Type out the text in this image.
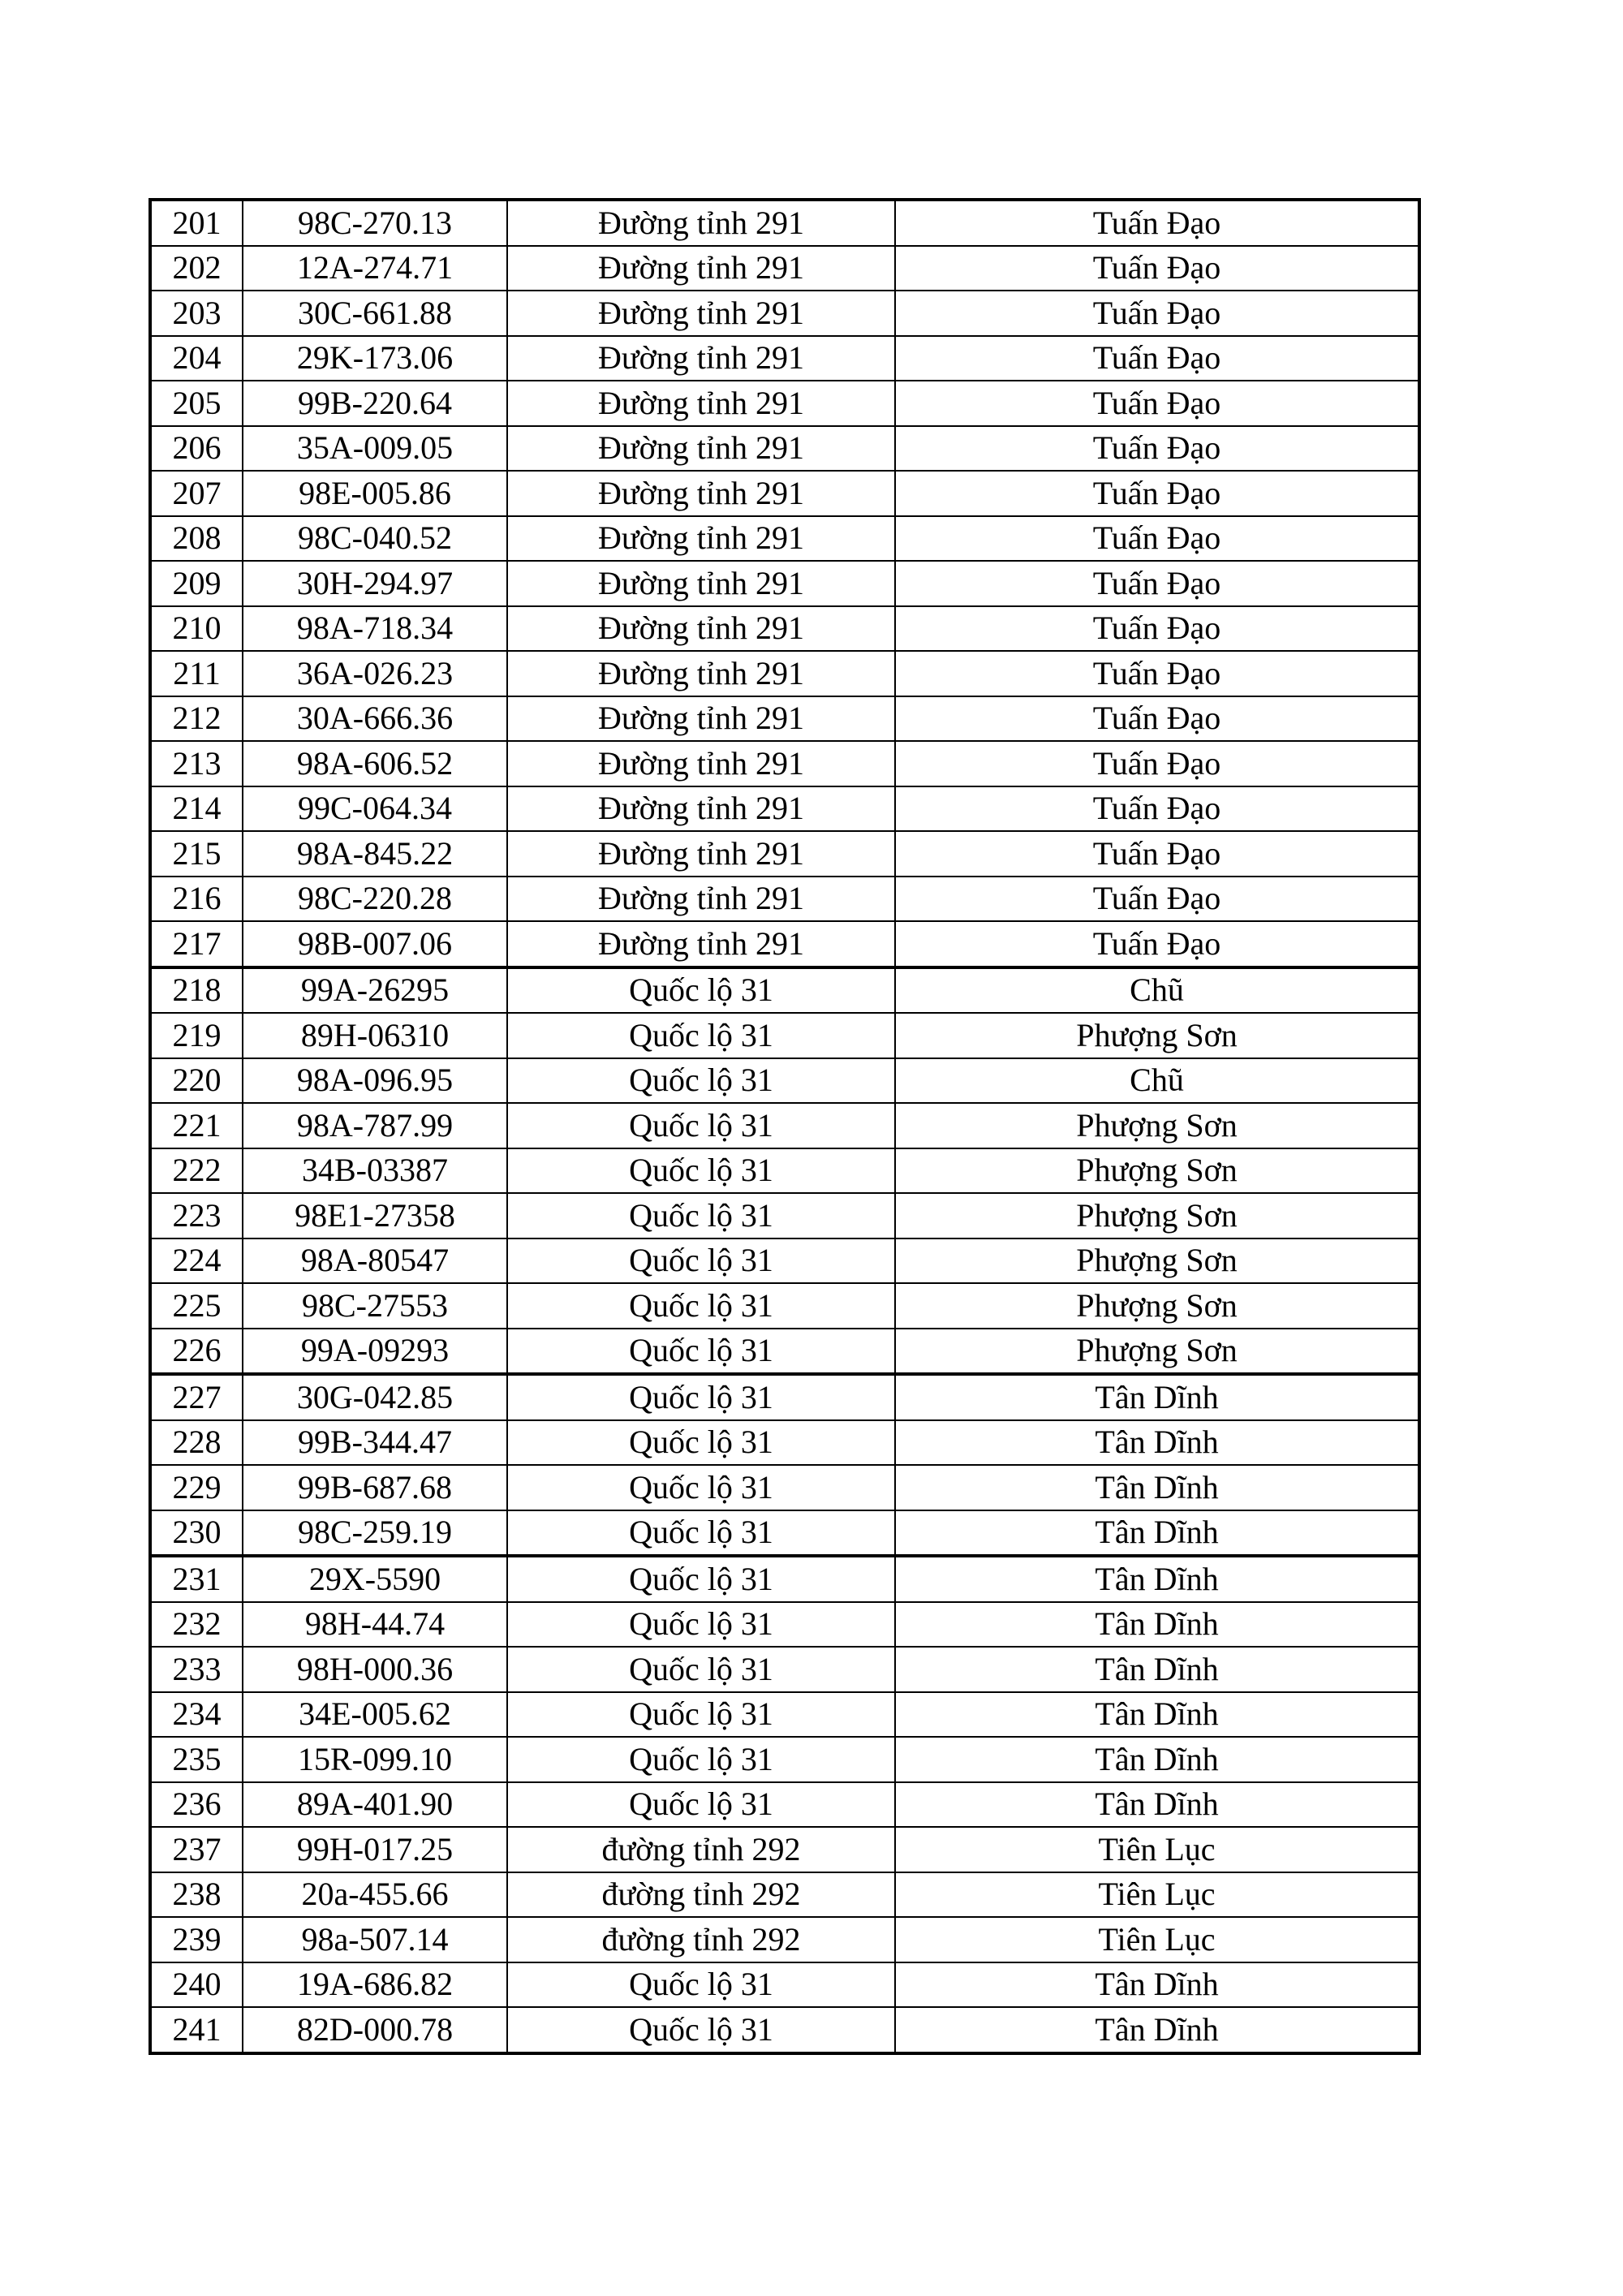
201	98C-270.13	Đường tỉnh 291	Tuấn Đạo
202	12A-274.71	Đường tỉnh 291	Tuấn Đạo
203	30C-661.88	Đường tỉnh 291	Tuấn Đạo
204	29K-173.06	Đường tỉnh 291	Tuấn Đạo
205	99B-220.64	Đường tỉnh 291	Tuấn Đạo
206	35A-009.05	Đường tỉnh 291	Tuấn Đạo
207	98E-005.86	Đường tỉnh 291	Tuấn Đạo
208	98C-040.52	Đường tỉnh 291	Tuấn Đạo
209	30H-294.97	Đường tỉnh 291	Tuấn Đạo
210	98A-718.34	Đường tỉnh 291	Tuấn Đạo
211	36A-026.23	Đường tỉnh 291	Tuấn Đạo
212	30A-666.36	Đường tỉnh 291	Tuấn Đạo
213	98A-606.52	Đường tỉnh 291	Tuấn Đạo
214	99C-064.34	Đường tỉnh 291	Tuấn Đạo
215	98A-845.22	Đường tỉnh 291	Tuấn Đạo
216	98C-220.28	Đường tỉnh 291	Tuấn Đạo
217	98B-007.06	Đường tỉnh 291	Tuấn Đạo
218	99A-26295	Quốc lộ 31	Chũ
219	89H-06310	Quốc lộ 31	Phượng Sơn
220	98A-096.95	Quốc lộ 31	Chũ
221	98A-787.99	Quốc lộ 31	Phượng Sơn
222	34B-03387	Quốc lộ 31	Phượng Sơn
223	98E1-27358	Quốc lộ 31	Phượng Sơn
224	98A-80547	Quốc lộ 31	Phượng Sơn
225	98C-27553	Quốc lộ 31	Phượng Sơn
226	99A-09293	Quốc lộ 31	Phượng Sơn
227	30G-042.85	Quốc lộ 31	Tân Dĩnh
228	99B-344.47	Quốc lộ 31	Tân Dĩnh
229	99B-687.68	Quốc lộ 31	Tân Dĩnh
230	98C-259.19	Quốc lộ 31	Tân Dĩnh
231	29X-5590	Quốc lộ 31	Tân Dĩnh
232	98H-44.74	Quốc lộ 31	Tân Dĩnh
233	98H-000.36	Quốc lộ 31	Tân Dĩnh
234	34E-005.62	Quốc lộ 31	Tân Dĩnh
235	15R-099.10	Quốc lộ 31	Tân Dĩnh
236	89A-401.90	Quốc lộ 31	Tân Dĩnh
237	99H-017.25	đường tỉnh 292	Tiên Lục
238	20a-455.66	đường tỉnh 292	Tiên Lục
239	98a-507.14	đường tỉnh 292	Tiên Lục
240	19A-686.82	Quốc lộ 31	Tân Dĩnh
241	82D-000.78	Quốc lộ 31	Tân Dĩnh
